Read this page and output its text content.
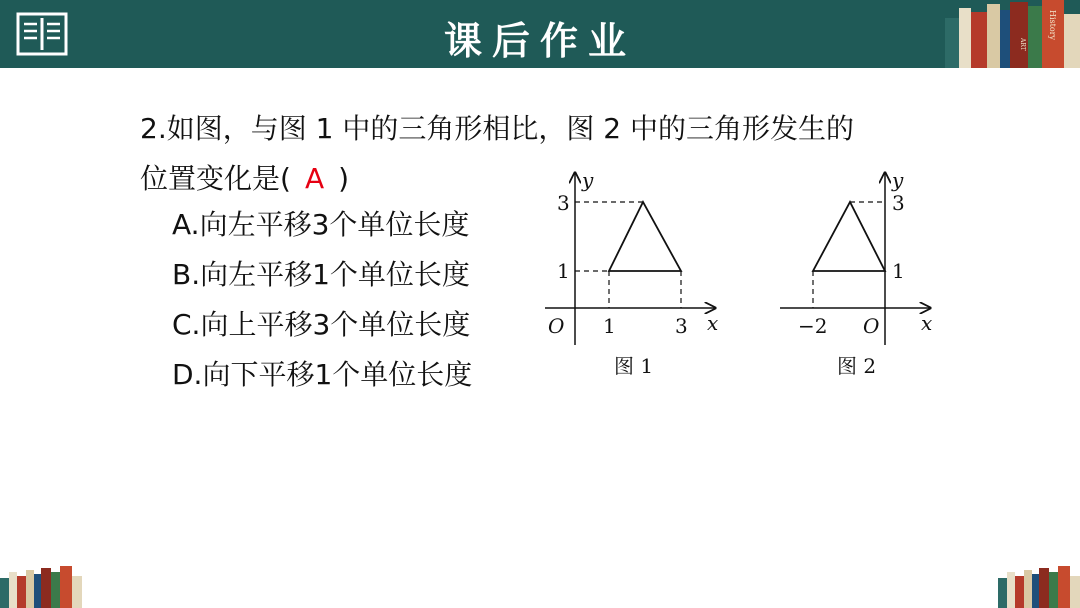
课后作业	ART
History
2.如图，与图 1 中的三角形相比，图 2 中的三角形发生的
位置变化是( A )
A.向左平移3个单位长度
B.向左平移1个单位长度
C.向上平移3个单位长度
D.向下平移1个单位长度
y
x
O 1	3
1
3
图 1
y
x
O
−2
1
3
图 2
